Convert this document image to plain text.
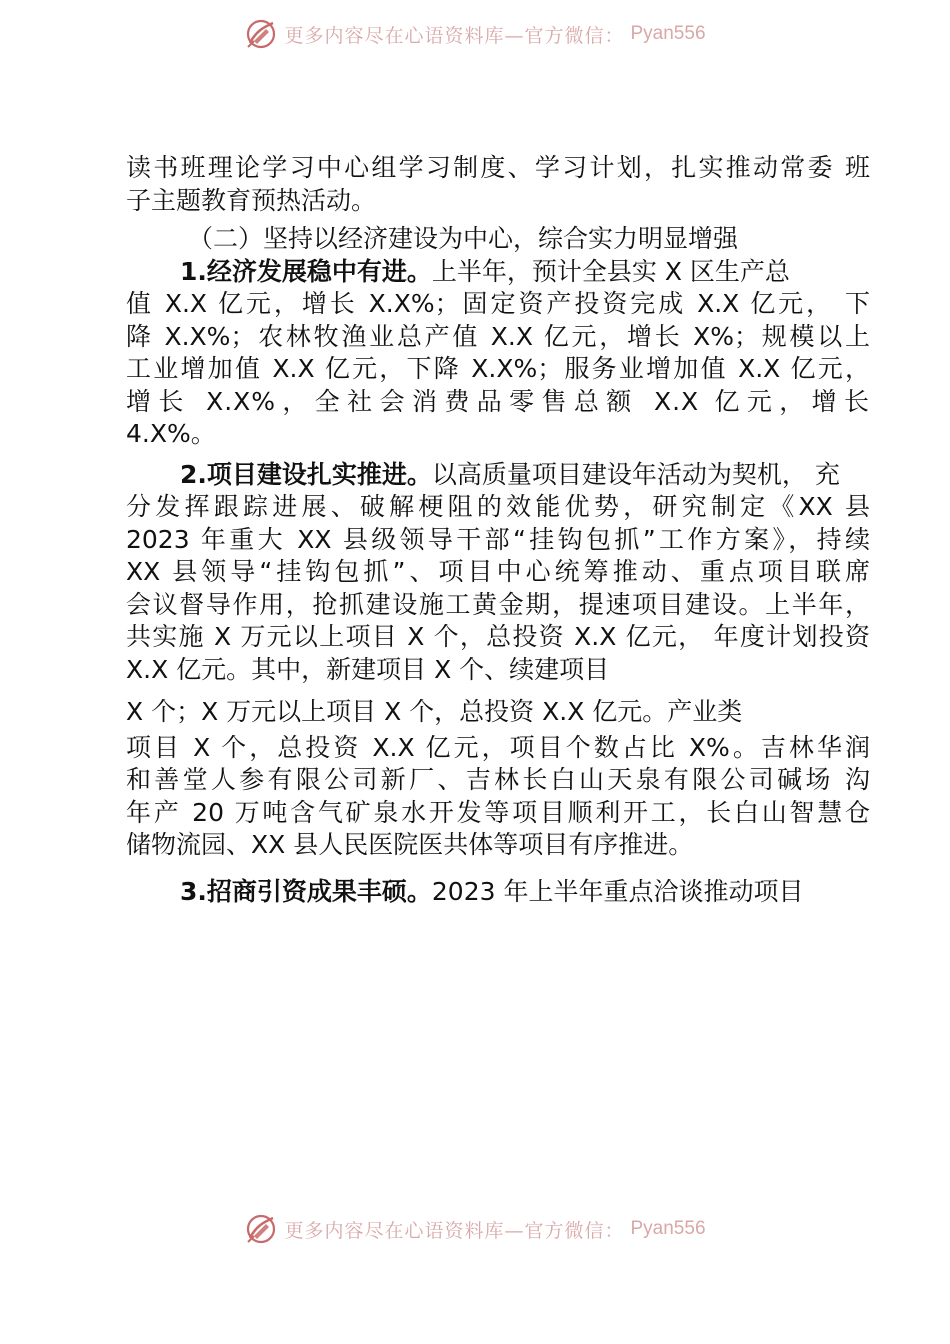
更多内容尽在心语资料库—官方微信： Pyan556

读书班理论学习中心组学习制度、学习计划，扎实推动常委 班

子主题教育预热活动。

（二）坚持以经济建设为中心，综合实力明显增强

1.经济发展稳中有进。上半年，预计全县实 X 区生产总

值 X.X 亿元，增长 X.X%；固定资产投资完成 X.X 亿元， 下

降 X.X%；农林牧渔业总产值 X.X 亿元，增长 X%；规模以上

工业增加值 X.X 亿元，下降 X.X%；服务业增加值 X.X 亿元，

增长 X.X%，全社会消费品零售总额 X.X 亿元，增长

4.X%。

2.项目建设扎实推进。以高质量项目建设年活动为契机， 充

分发挥跟踪进展、破解梗阻的效能优势，研究制定《XX 县

2023 年重大 XX 县级领导干部“挂钩包抓”工作方案》，持续

XX 县领导“挂钩包抓”、项目中心统筹推动、重点项目联席

会议督导作用，抢抓建设施工黄金期，提速项目建设。上半年，

共实施 X 万元以上项目 X 个，总投资 X.X 亿元， 年度计划投资

X.X 亿元。其中，新建项目 X 个、续建项目

X 个；X 万元以上项目 X 个，总投资 X.X 亿元。产业类

项目 X 个，总投资 X.X 亿元，项目个数占比 X%。吉林华润

和善堂人参有限公司新厂、吉林长白山天泉有限公司碱场 沟

年产 20 万吨含气矿泉水开发等项目顺利开工，长白山智慧仓

储物流园、XX 县人民医院医共体等项目有序推进。

3.招商引资成果丰硕。2023 年上半年重点洽谈推动项目

更多内容尽在心语资料库—官方微信： Pyan556
